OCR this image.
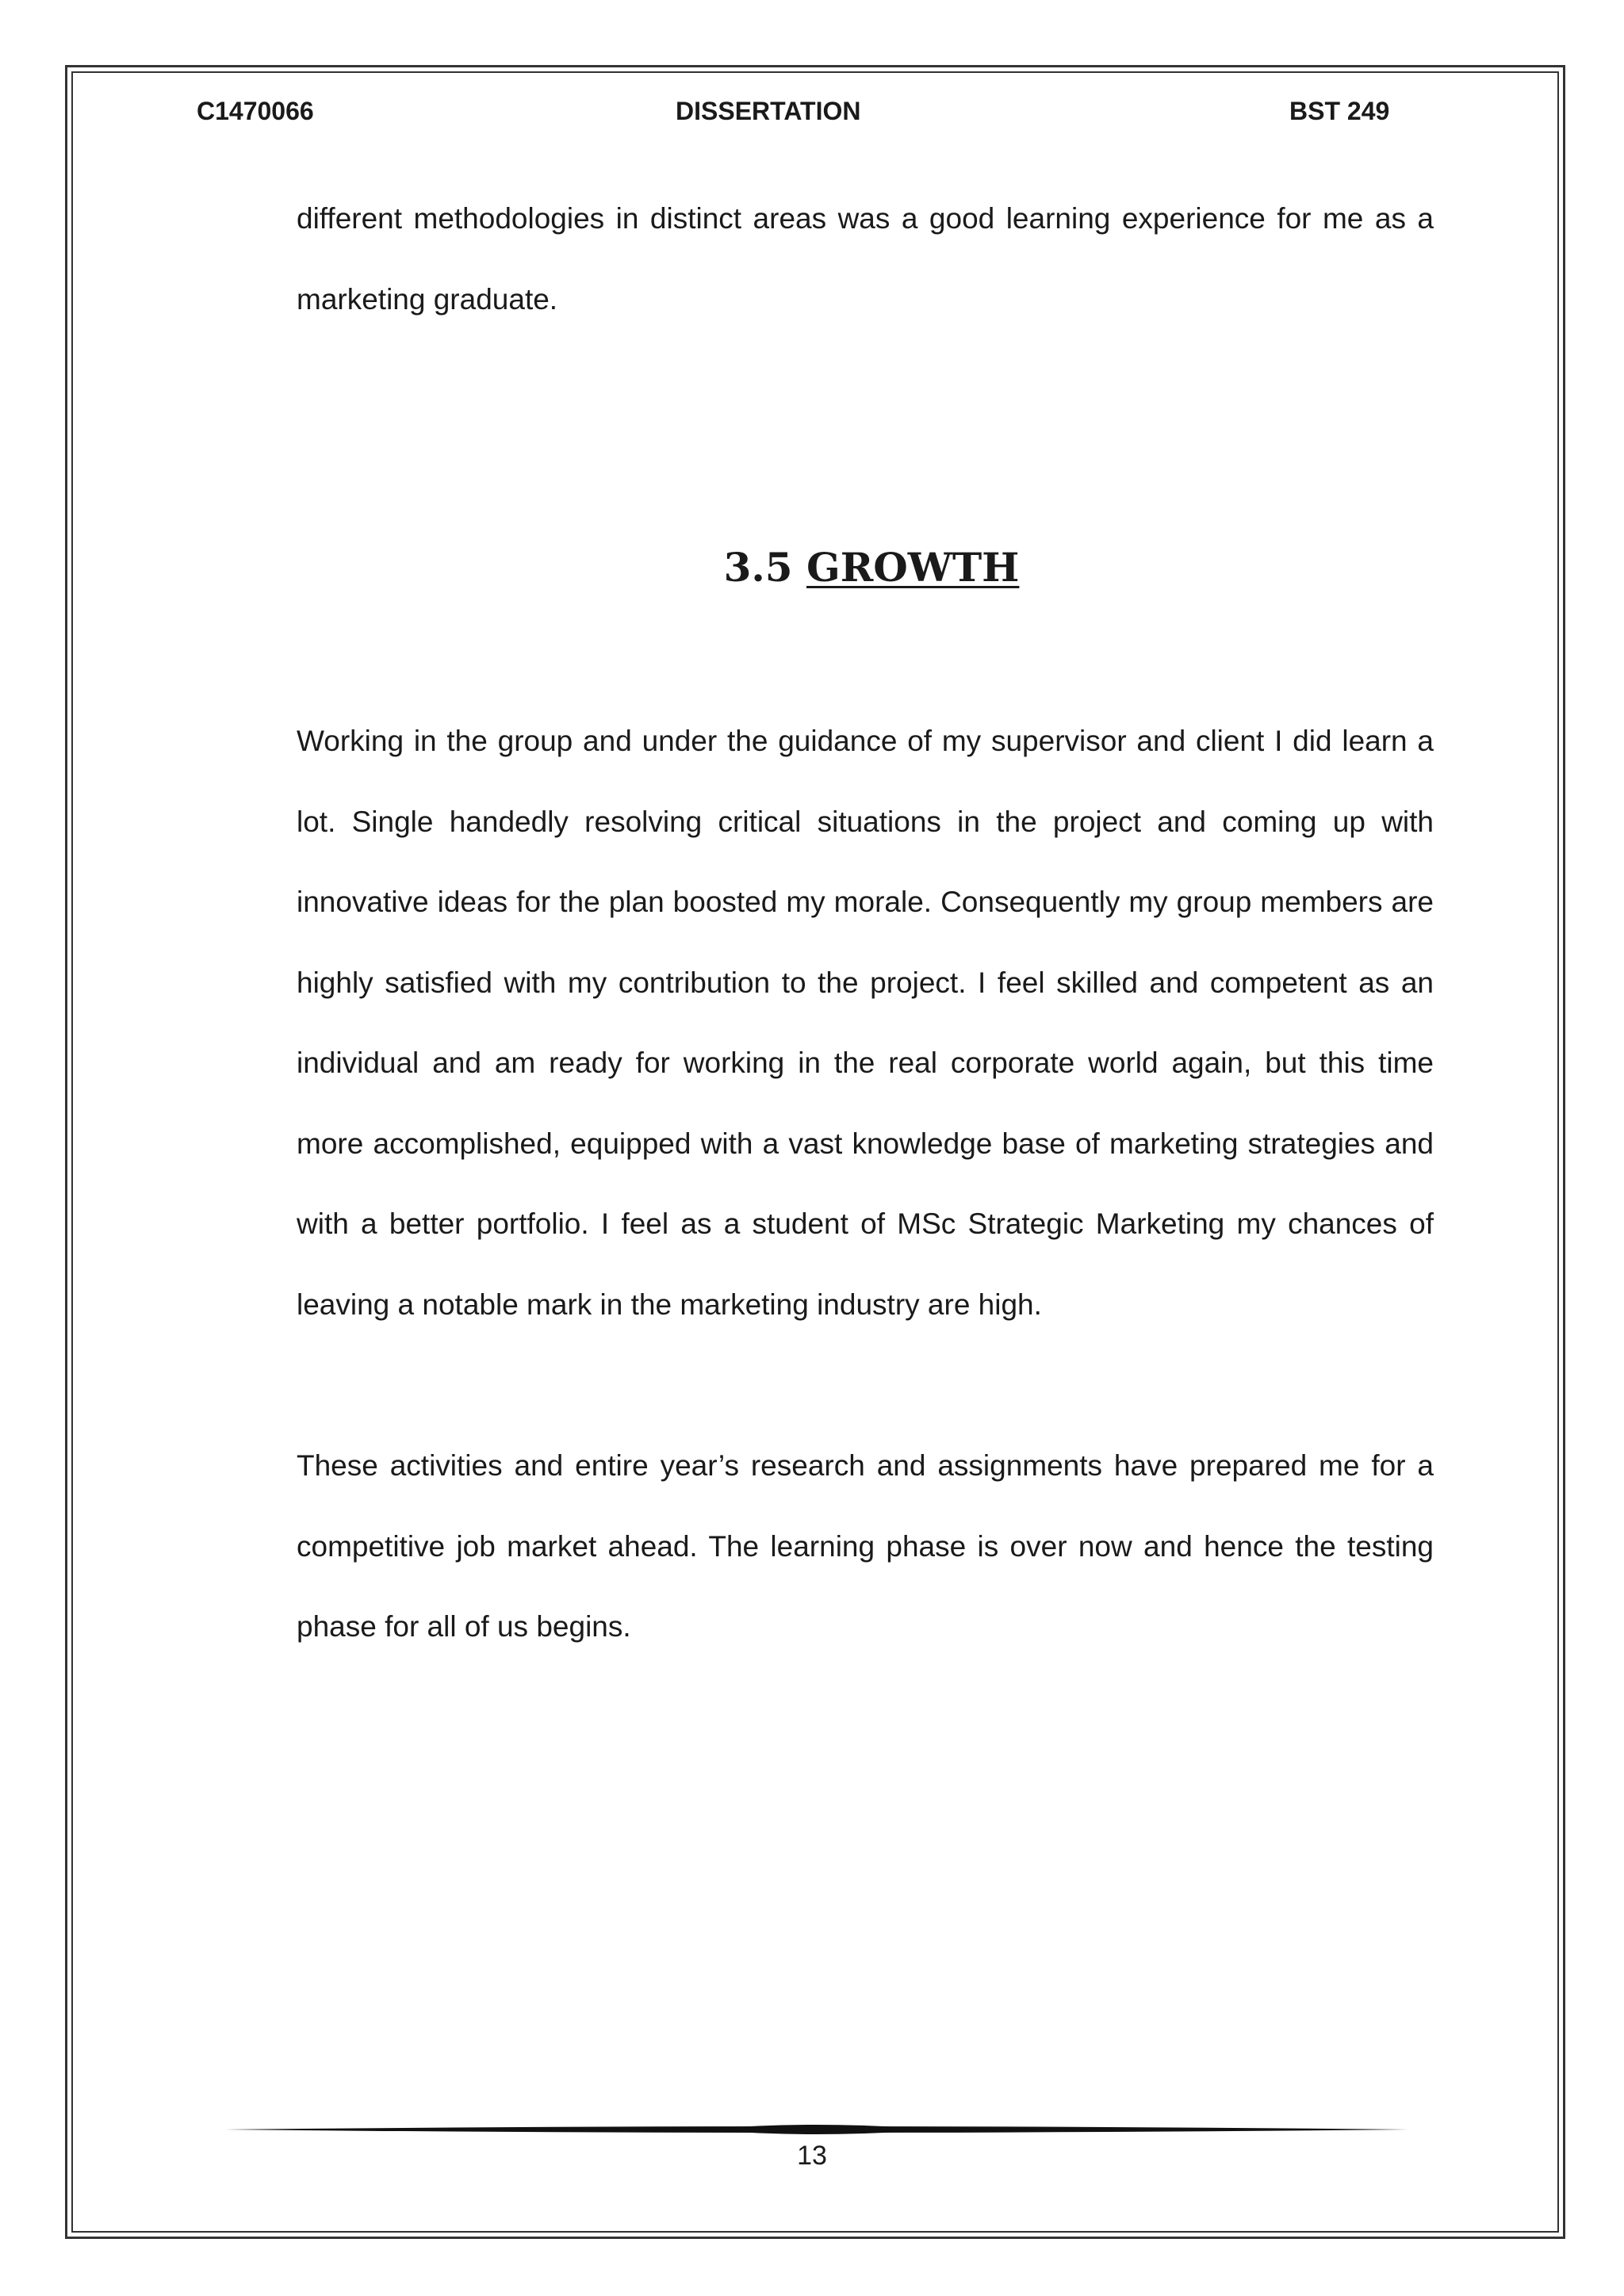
C1470066	DISSERTATION	BST 249

different methodologies in distinct areas was a good learning experience for me as a marketing graduate.

3.5 GROWTH

Working in the group and under the guidance of my supervisor and client I did learn a lot. Single handedly resolving critical situations in the project and coming up with innovative ideas for the plan boosted my morale. Consequently my group members are highly satisfied with my contribution to the project. I feel skilled and competent as an individual and am ready for working in the real corporate world again, but this time more accomplished, equipped with a vast knowledge base of marketing strategies and with a better portfolio. I feel as a student of MSc Strategic Marketing my chances of leaving a notable mark in the marketing industry are high.

These activities and entire year’s research and assignments have prepared me for a competitive job market ahead. The learning phase is over now and hence the testing phase for all of us begins.

13
